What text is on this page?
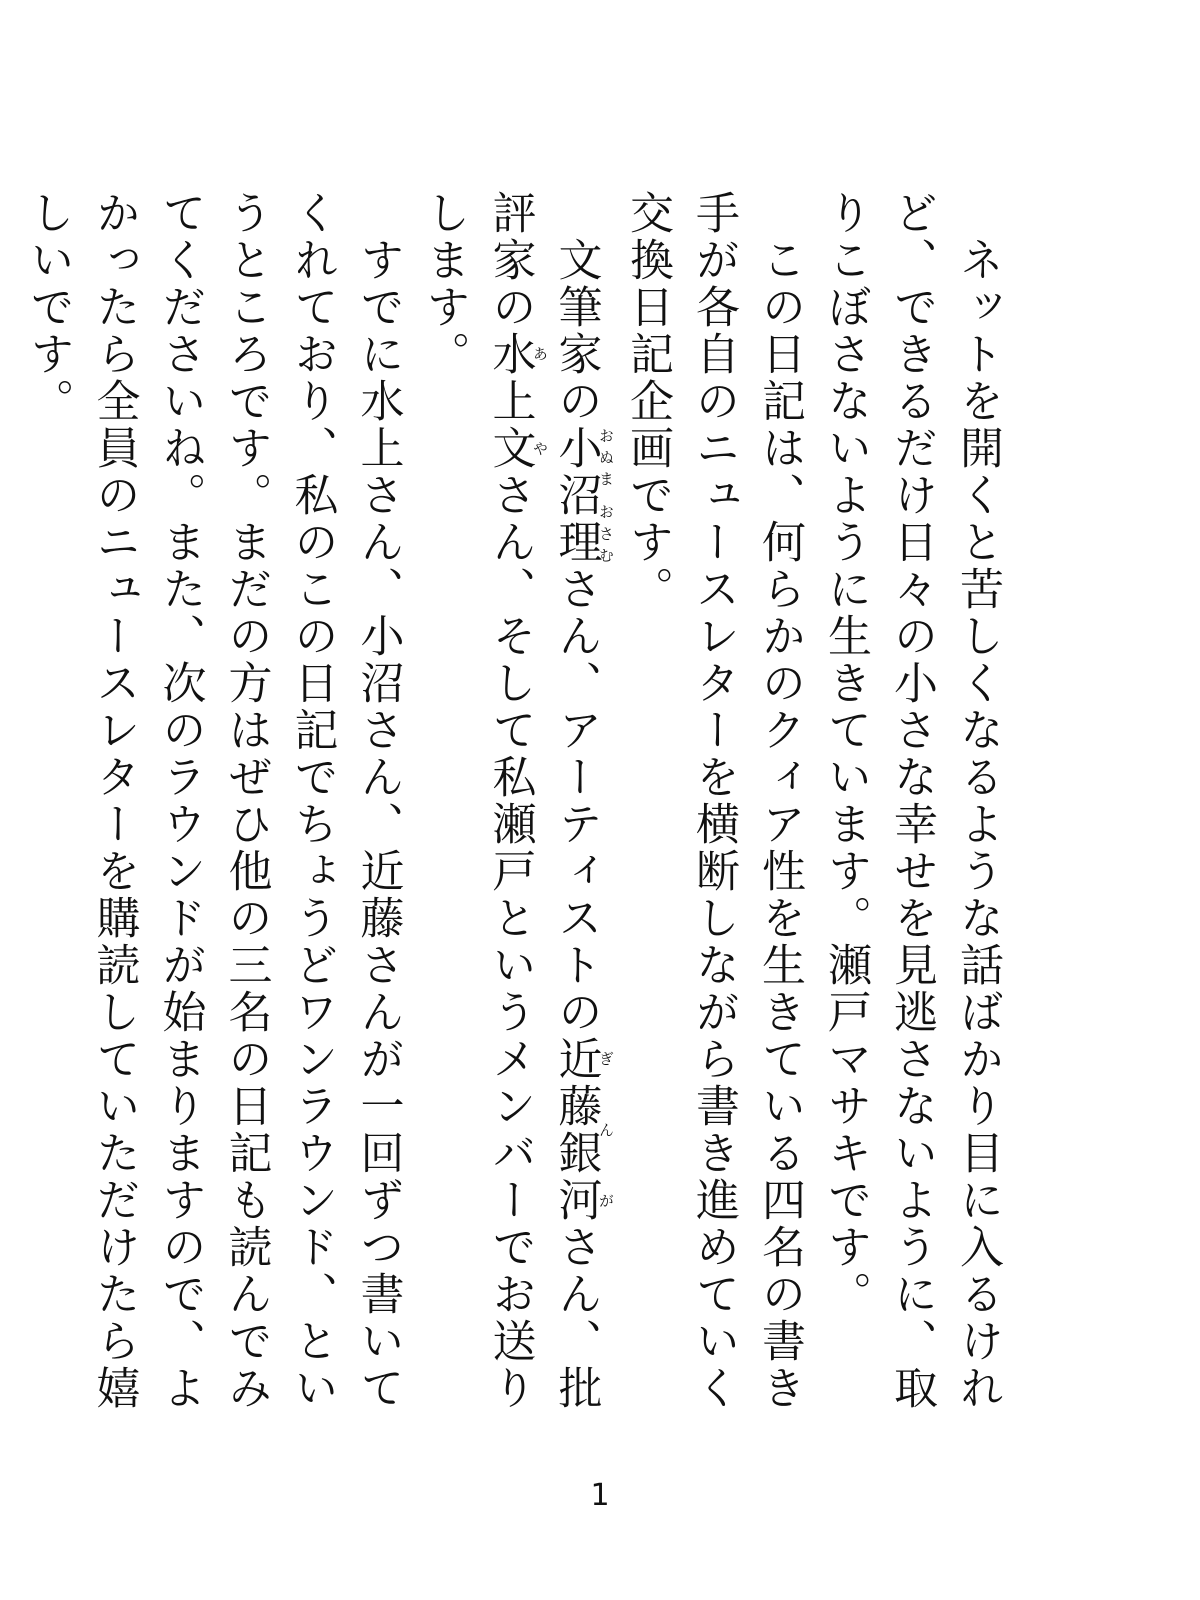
　ネットを開くと苦しくなるような話ばかり目に入るけれど、できるだけ日々の小さな幸せを見逃さないように、取りこぼさないように生きています。瀬戸マサキです。

　この日記は、何らかのクィア性を生きている四名の書き手が各自のニュースレターを横断しながら書き進めていく交換日記企画です。

　文筆家の小沼理おぬま おさむさん、アーティストの近藤銀河ぎんがさん、批評家の水上文あやさん、そして私瀬戸というメンバーでお送りします。

　すでに水上さん、小沼さん、近藤さんが一回ずつ書いてくれており、私のこの日記でちょうどワンラウンド、というところです。まだの方はぜひ他の三名の日記も読んでみてくださいね。また、次のラウンドが始まりますので、よかったら全員のニュースレターを購読していただけたら嬉しいです。

1
